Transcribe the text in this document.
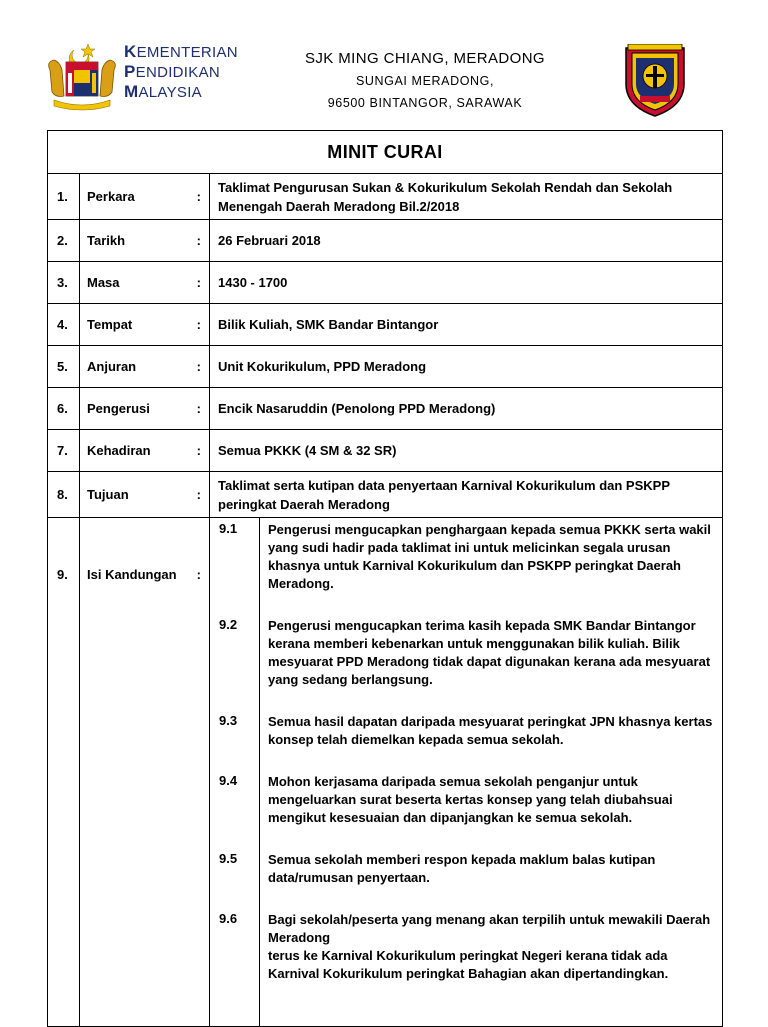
KEMENTERIAN
PENDIDIKAN
MALAYSIA
SJK MING CHIANG, MERADONG
SUNGAI MERADONG,
96500 BINTANGOR, SARAWAK
MINIT CURAI
1.	Perkara	:	Taklimat Pengurusan Sukan & Kokurikulum Sekolah Rendah dan Sekolah Menengah Daerah Meradong Bil.2/2018
2.	Tarikh	:	26 Februari 2018
3.	Masa	:	1430 - 1700
4.	Tempat	:	Bilik Kuliah, SMK Bandar Bintangor
5.	Anjuran	:	Unit Kokurikulum, PPD Meradong
6.	Pengerusi	:	Encik Nasaruddin (Penolong PPD Meradong)
7.	Kehadiran	:	Semua PKKK (4 SM & 32 SR)
8.	Tujuan	:	Taklimat serta kutipan data penyertaan Karnival Kokurikulum dan PSKPP peringkat Daerah Meradong
9.	Isi Kandungan	:	
9.1	Pengerusi mengucapkan penghargaan kepada semua PKKK serta wakil yang sudi hadir pada taklimat ini untuk melicinkan segala urusan khasnya untuk Karnival Kokurikulum dan PSKPP peringkat Daerah Meradong.

9.2	Pengerusi mengucapkan terima kasih kepada SMK Bandar Bintangor kerana memberi kebenarkan untuk menggunakan bilik kuliah. Bilik mesyuarat PPD Meradong tidak dapat digunakan kerana ada mesyuarat yang sedang berlangsung.

9.3	Semua hasil dapatan daripada mesyuarat peringkat JPN khasnya kertas konsep telah diemelkan kepada semua sekolah.

9.4	Mohon kerjasama daripada semua sekolah penganjur untuk mengeluarkan surat beserta kertas konsep yang telah diubahsuai mengikut kesesuaian dan dipanjangkan ke semua sekolah.

9.5	Semua sekolah memberi respon kepada maklum balas kutipan data/rumusan penyertaan.

9.6	Bagi sekolah/peserta yang menang akan terpilih untuk mewakili Daerah Meradong
terus ke Karnival Kokurikulum peringkat Negeri kerana tidak ada Karnival Kokurikulum peringkat Bahagian akan dipertandingkan.
